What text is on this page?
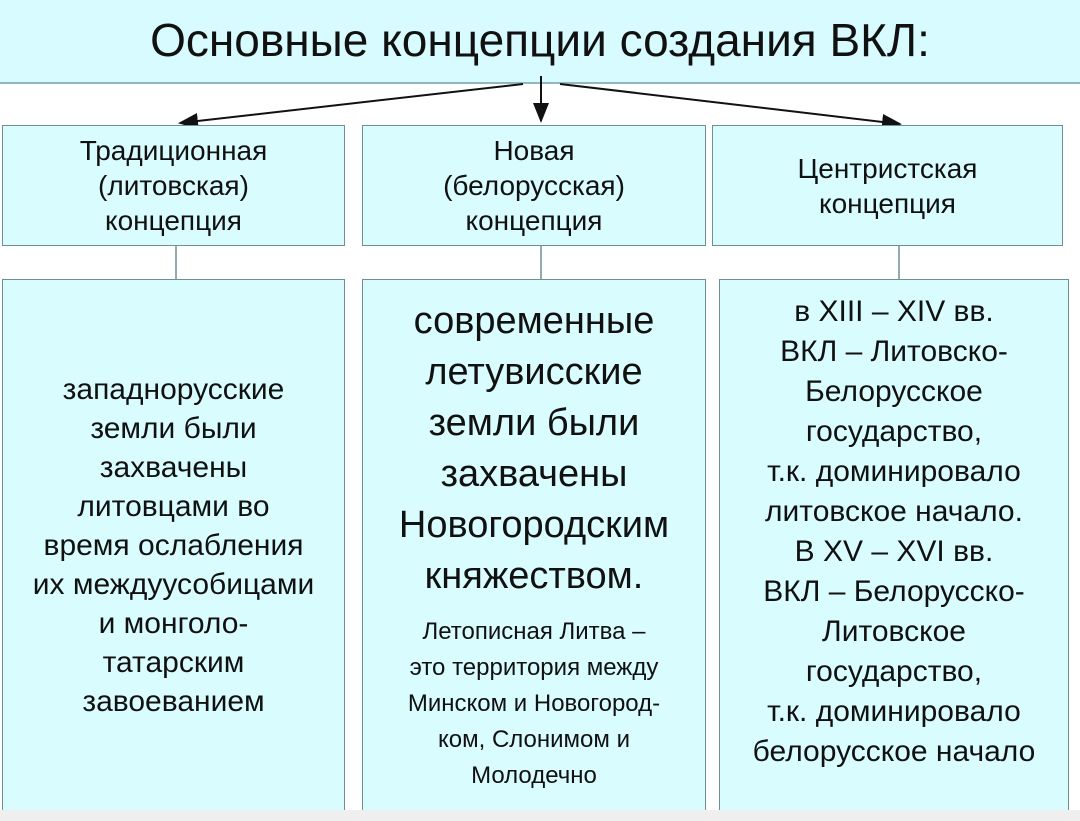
Основные концепции создания ВКЛ:
Традиционная
(литовская)
концепция
Новая
(белорусская)
концепция
Центристская
концепция
западнорусские
земли были
захвачены
литовцами во
время ослабления
их междуусобицами
и монголо-
татарским
завоеванием
современные
летувисские
земли были
захвачены
Новогородским
княжеством.
Летописная Литва –
это территория между
Минском и Новогород-
ком, Слонимом и
Молодечно
в XIII – XIV вв.
ВКЛ – Литовско-
Белорусское
государство,
т.к. доминировало
литовское начало.
В XV – XVI вв.
ВКЛ – Белорусско-
Литовское
государство,
т.к. доминировало
белорусское начало
